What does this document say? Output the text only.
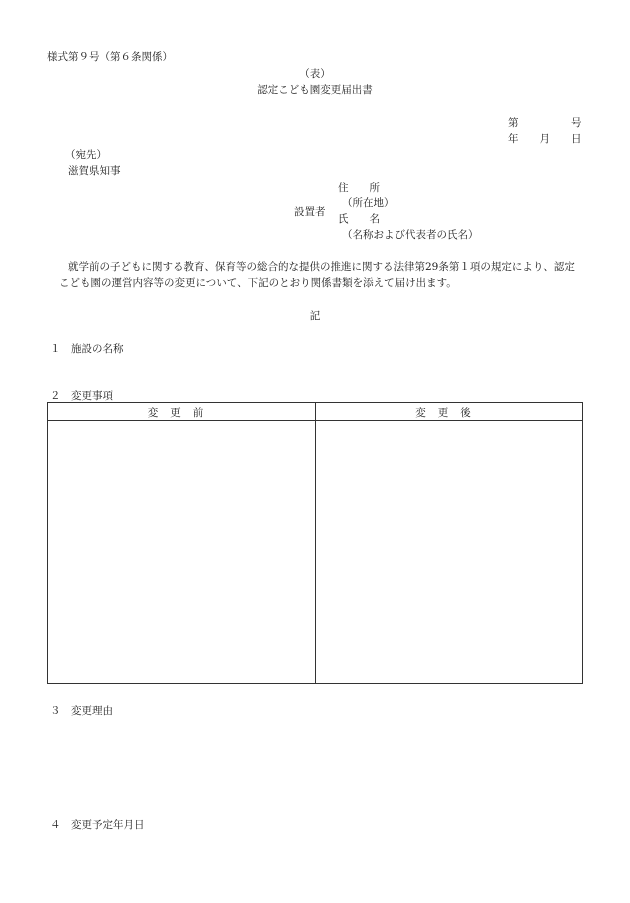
様式第９号（第６条関係）
（表）
認定こども園変更届出書
第　　　　　号
年　　月　　日
（宛先）
滋賀県知事
設置者
住　　所
（所在地）
氏　　名
（名称および代表者の氏名）
就学前の子どもに関する教育、保育等の総合的な提供の推進に関する法律第29条第１項の規定により、認定
こども園の運営内容等の変更について、下記のとおり関係書類を添えて届け出ます。
記
１　施設の名称
２　変更事項
変更前	変更後
３　変更理由
４　変更予定年月日
